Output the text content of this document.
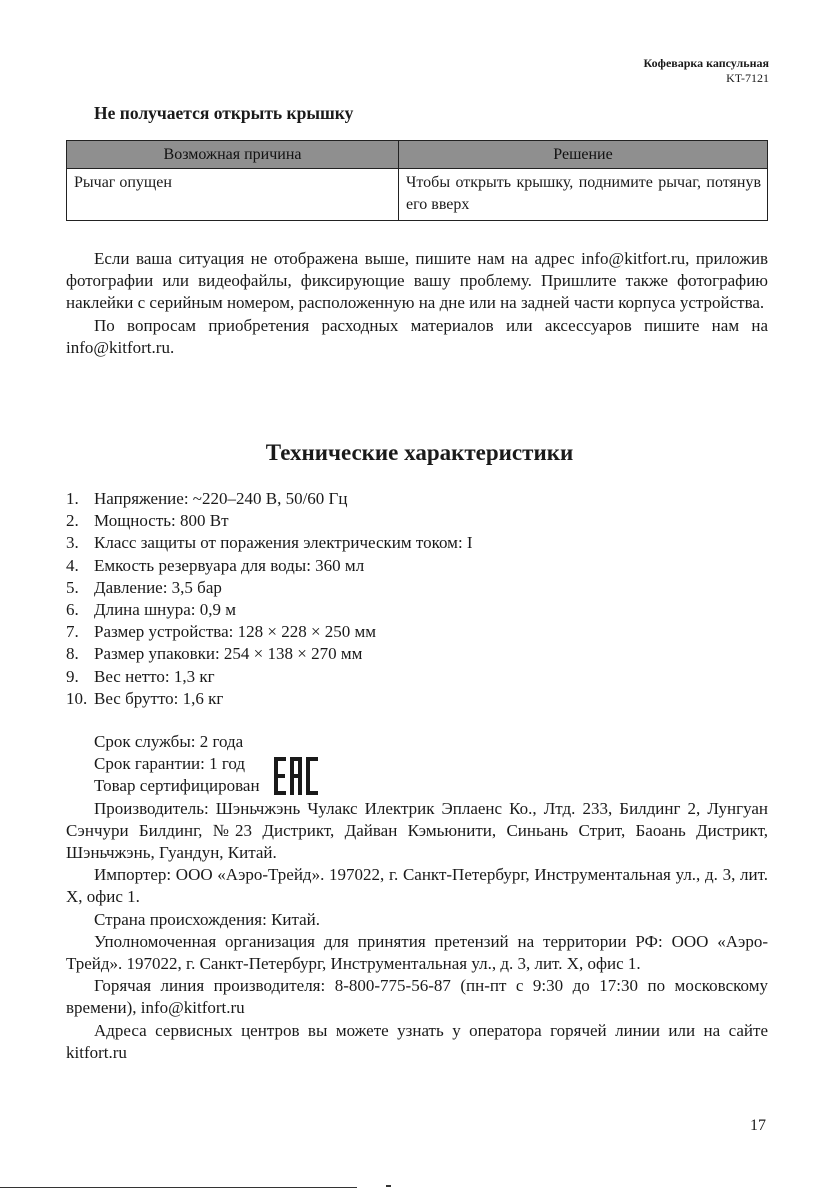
Кофеварка капсульная
KT-7121
Не получается открыть крышку
Возможная причина	Решение
Рычаг опущен	Чтобы открыть крышку, поднимите рычаг, потянув его вверх

Если ваша ситуация не отображена выше, пишите нам на адрес info@kitfort.ru, приложив фотографии или видеофайлы, фиксирующие вашу проблему. Пришлите также фотографию наклейки с серийным номером, расположенную на дне или на задней части корпуса устройства.

По вопросам приобретения расходных материалов или аксессуаров пишите нам на info@kitfort.ru.

Технические характеристики
1. Напряжение: ~220–240 В, 50/60 Гц
2. Мощность: 800 Вт
3. Класс защиты от поражения электрическим током: I
4. Емкость резервуара для воды: 360 мл
5. Давление: 3,5 бар
6. Длина шнура: 0,9 м
7. Размер устройства: 128 × 228 × 250 мм
8. Размер упаковки: 254 × 138 × 270 мм
9. Вес нетто: 1,3 кг
10. Вес брутто: 1,6 кг

Срок службы: 2 года

Срок гарантии: 1 год

Товар сертифицирован

Производитель: Шэньчжэнь Чулакс Илектрик Эплаенс Ко., Лтд. 233, Билдинг 2, Лунгуан Сэнчури Билдинг, №23 Дистрикт, Дайван Кэмьюнити, Синьань Стрит, Баоань Дистрикт, Шэньчжэнь, Гуандун, Китай.

Импортер: ООО «Аэро-Трейд». 197022, г. Санкт-Петербург, Инструментальная ул., д. 3, лит. Х, офис 1.

Страна происхождения: Китай.

Уполномоченная организация для принятия претензий на территории РФ: ООО «Аэро-Трейд». 197022, г. Санкт-Петербург, Инструментальная ул., д. 3, лит. Х, офис 1.

Горячая линия производителя: 8-800-775-56-87 (пн-пт с 9:30 до 17:30 по московскому времени), info@kitfort.ru

Адреса сервисных центров вы можете узнать у оператора горячей линии или на сайте kitfort.ru

17
